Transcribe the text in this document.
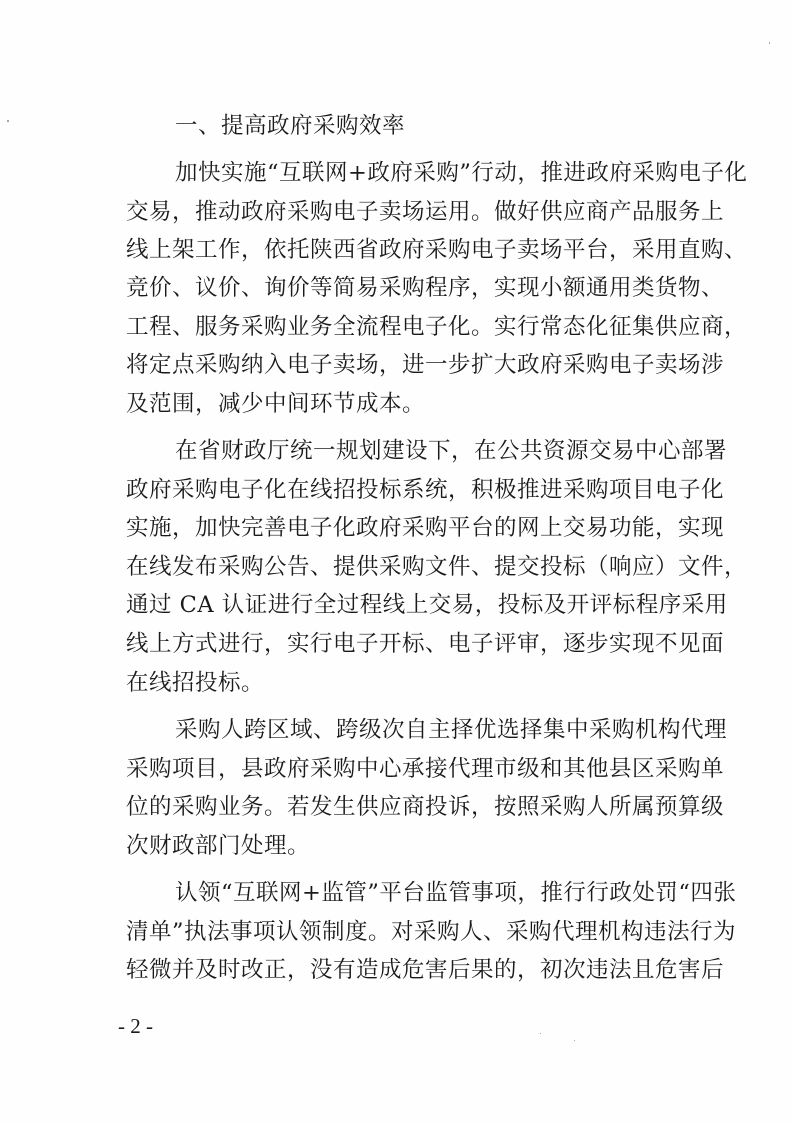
一、提高政府采购效率
加快实施“互联网+政府采购”行动，推进政府采购电子化
交易，推动政府采购电子卖场运用。做好供应商产品服务上
线上架工作，依托陕西省政府采购电子卖场平台，采用直购、
竞价、议价、询价等简易采购程序，实现小额通用类货物、
工程、服务采购业务全流程电子化。实行常态化征集供应商，
将定点采购纳入电子卖场，进一步扩大政府采购电子卖场涉
及范围，减少中间环节成本。
在省财政厅统一规划建设下，在公共资源交易中心部署
政府采购电子化在线招投标系统，积极推进采购项目电子化
实施，加快完善电子化政府采购平台的网上交易功能，实现
在线发布采购公告、提供采购文件、提交投标（响应）文件，
通过 CA 认证进行全过程线上交易，投标及开评标程序采用
线上方式进行，实行电子开标、电子评审，逐步实现不见面
在线招投标。
采购人跨区域、跨级次自主择优选择集中采购机构代理
采购项目，县政府采购中心承接代理市级和其他县区采购单
位的采购业务。若发生供应商投诉，按照采购人所属预算级
次财政部门处理。
认领“互联网+监管”平台监管事项，推行行政处罚“四张
清单”执法事项认领制度。对采购人、采购代理机构违法行为
轻微并及时改正，没有造成危害后果的，初次违法且危害后
- 2 -
